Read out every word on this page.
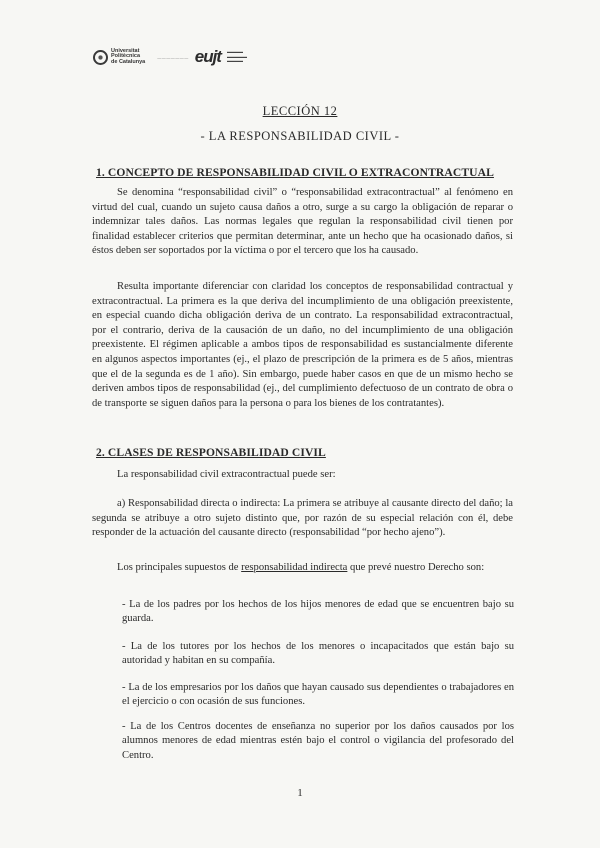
Universitat
Politècnica
de Catalunya
——————— eujt ▬▬▬▬
▬▬▬▬▬
▬▬▬▬
LECCIÓN 12
- LA RESPONSABILIDAD CIVIL -
1. CONCEPTO DE RESPONSABILIDAD CIVIL O EXTRACONTRACTUAL

Se denomina “responsabilidad civil” o “responsabilidad extracontractual” al fenómeno en virtud del cual, cuando un sujeto causa daños a otro, surge a su cargo la obligación de reparar o indemnizar tales daños. Las normas legales que regulan la responsabilidad civil tienen por finalidad establecer criterios que permitan determinar, ante un hecho que ha ocasionado daños, si éstos deben ser soportados por la víctima o por el tercero que los ha causado.

Resulta importante diferenciar con claridad los conceptos de responsabilidad contractual y extracontractual. La primera es la que deriva del incumplimiento de una obligación preexistente, en especial cuando dicha obligación deriva de un contrato. La responsabilidad extracontractual, por el contrario, deriva de la causación de un daño, no del incumplimiento de una obligación preexistente. El régimen aplicable a ambos tipos de responsabilidad es sustancialmente diferente en algunos aspectos importantes (ej., el plazo de prescripción de la primera es de 5 años, mientras que el de la segunda es de 1 año). Sin embargo, puede haber casos en que de un mismo hecho se deriven ambos tipos de responsabilidad (ej., del cumplimiento defectuoso de un contrato de obra o de transporte se siguen daños para la persona o para los bienes de los contratantes).

2. CLASES DE RESPONSABILIDAD CIVIL

La responsabilidad civil extracontractual puede ser:

a) Responsabilidad directa o indirecta: La primera se atribuye al causante directo del daño; la segunda se atribuye a otro sujeto distinto que, por razón de su especial relación con él, debe responder de la actuación del causante directo (responsabilidad “por hecho ajeno”).

Los principales supuestos de responsabilidad indirecta que prevé nuestro Derecho son:

- La de los padres por los hechos de los hijos menores de edad que se encuentren bajo su guarda.

- La de los tutores por los hechos de los menores o incapacitados que están bajo su autoridad y habitan en su compañía.

- La de los empresarios por los daños que hayan causado sus dependientes o trabajadores en el ejercicio o con ocasión de sus funciones.

- La de los Centros docentes de enseñanza no superior por los daños causados por los alumnos menores de edad mientras estén bajo el control o vigilancia del profesorado del Centro.

1
